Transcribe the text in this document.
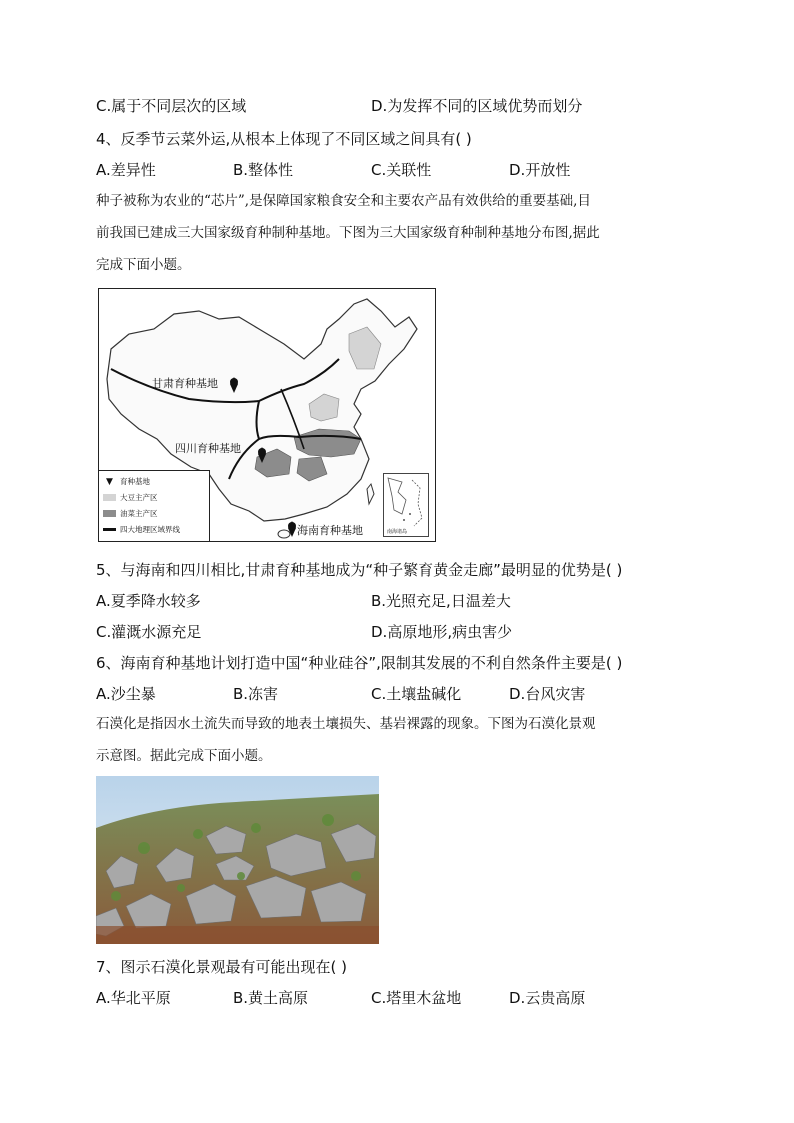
C.属于不同层次的区域	D.为发挥不同的区域优势而划分
4、反季节云菜外运,从根本上体现了不同区域之间具有( )
A.差异性	B.整体性	C.关联性	D.开放性
种子被称为农业的“芯片”,是保障国家粮食安全和主要农产品有效供给的重要基础,目
前我国已建成三大国家级育种制种基地。下图为三大国家级育种制种基地分布图,据此
完成下面小题。
甘肃育种基地
四川育种基地
海南育种基地
▼ 育种基地
大豆主产区
油菜主产区
四大地理区域界线	南海诸岛
5、与海南和四川相比,甘肃育种基地成为“种子繁育黄金走廊”最明显的优势是( )
A.夏季降水较多	B.光照充足,日温差大
C.灌溉水源充足	D.高原地形,病虫害少
6、海南育种基地计划打造中国“种业硅谷”,限制其发展的不利自然条件主要是( )
A.沙尘暴	B.冻害	C.土壤盐碱化	D.台风灾害
石漠化是指因水土流失而导致的地表土壤损失、基岩裸露的现象。下图为石漠化景观
示意图。据此完成下面小题。
7、图示石漠化景观最有可能出现在( )
A.华北平原	B.黄土高原	C.塔里木盆地	D.云贵高原
